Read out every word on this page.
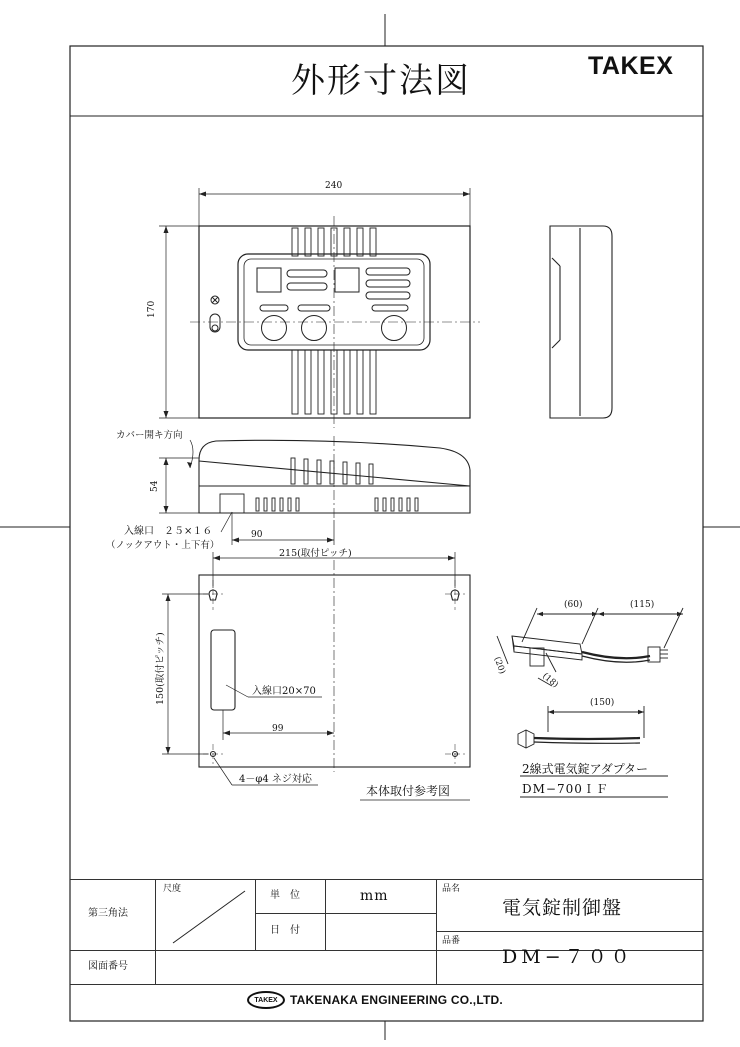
外形寸法図	TAKEX
240
170
カバー開キ方向
54
入線口　２５×１６
（ノックアウト・上下有）
90
215(取付ピッチ)
150(取付ピッチ)	入線口20×70
99
4－φ4 ネジ対応
本体取付参考図
(60)	(115)
(20)
(18)
(150)
2線式電気錠アダプター
DM−700ＩＦ
第三角法
尺度
単　位	mm
日　付
品名
電気錠制御盤
品番
DM−７００
図面番号
TAKEX TAKENAKA ENGINEERING CO.,LTD.
